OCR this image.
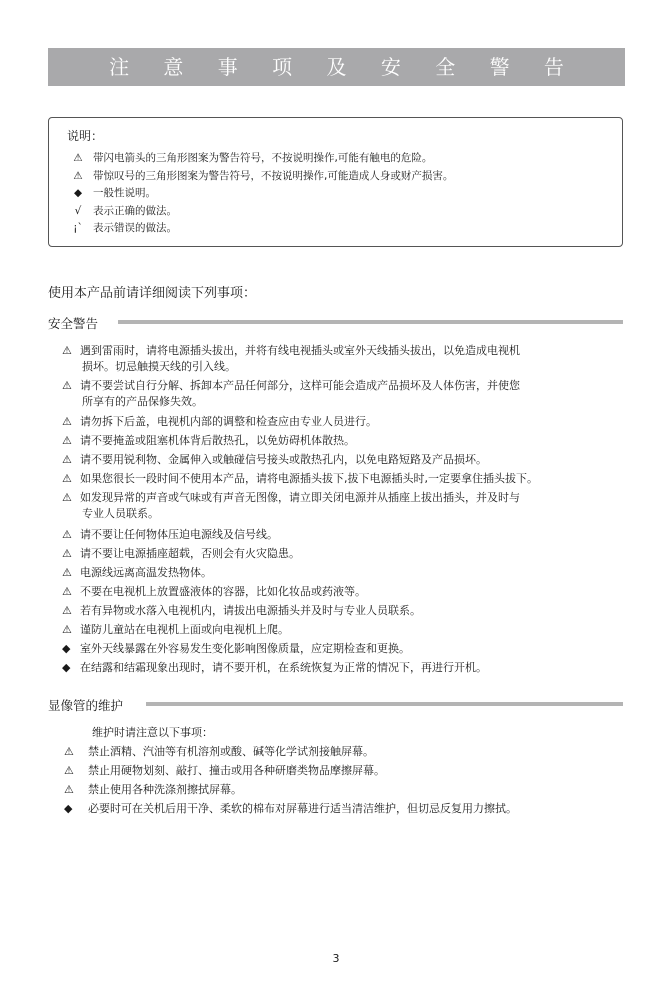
注 意 事 项 及 安 全 警 告
说明：
⚠ 带闪电箭头的三角形图案为警告符号，不按说明操作,可能有触电的危险。
⚠ 带惊叹号的三角形图案为警告符号，不按说明操作,可能造成人身或财产损害。
◆ 一般性说明。
√ 表示正确的做法。
¡` 表示错误的做法。
使用本产品前请详细阅读下列事项：
安全警告
⚠ 遇到雷雨时，请将电源插头拔出，并将有线电视插头或室外天线插头拔出，以免造成电视机
损坏。切忌触摸天线的引入线。
⚠ 请不要尝试自行分解、拆卸本产品任何部分，这样可能会造成产品损坏及人体伤害，并使您
所享有的产品保修失效。
⚠ 请勿拆下后盖，电视机内部的调整和检查应由专业人员进行。
⚠ 请不要掩盖或阻塞机体背后散热孔，以免妨碍机体散热。
⚠ 请不要用锐利物、金属伸入或触碰信号接头或散热孔内，以免电路短路及产品损坏。
⚠ 如果您很长一段时间不使用本产品，请将电源插头拔下,拔下电源插头时,一定要拿住插头拔下。
⚠ 如发现异常的声音或气味或有声音无图像，请立即关闭电源并从插座上拔出插头，并及时与
专业人员联系。
⚠ 请不要让任何物体压迫电源线及信号线。
⚠ 请不要让电源插座超载，否则会有火灾隐患。
⚠ 电源线远离高温发热物体。
⚠ 不要在电视机上放置盛液体的容器，比如化妆品或药液等。
⚠ 若有异物或水落入电视机内，请拔出电源插头并及时与专业人员联系。
⚠ 谨防儿童站在电视机上面或向电视机上爬。
◆ 室外天线暴露在外容易发生变化影响图像质量，应定期检查和更换。
◆ 在结露和结霜现象出现时，请不要开机，在系统恢复为正常的情况下，再进行开机。
显像管的维护
维护时请注意以下事项：
⚠ 禁止酒精、汽油等有机溶剂或酸、碱等化学试剂接触屏幕。
⚠ 禁止用硬物划刻、敲打、撞击或用各种研磨类物品摩擦屏幕。
⚠ 禁止使用各种洗涤剂擦拭屏幕。
◆ 必要时可在关机后用干净、柔软的棉布对屏幕进行适当清洁维护，但切忌反复用力擦拭。
3
